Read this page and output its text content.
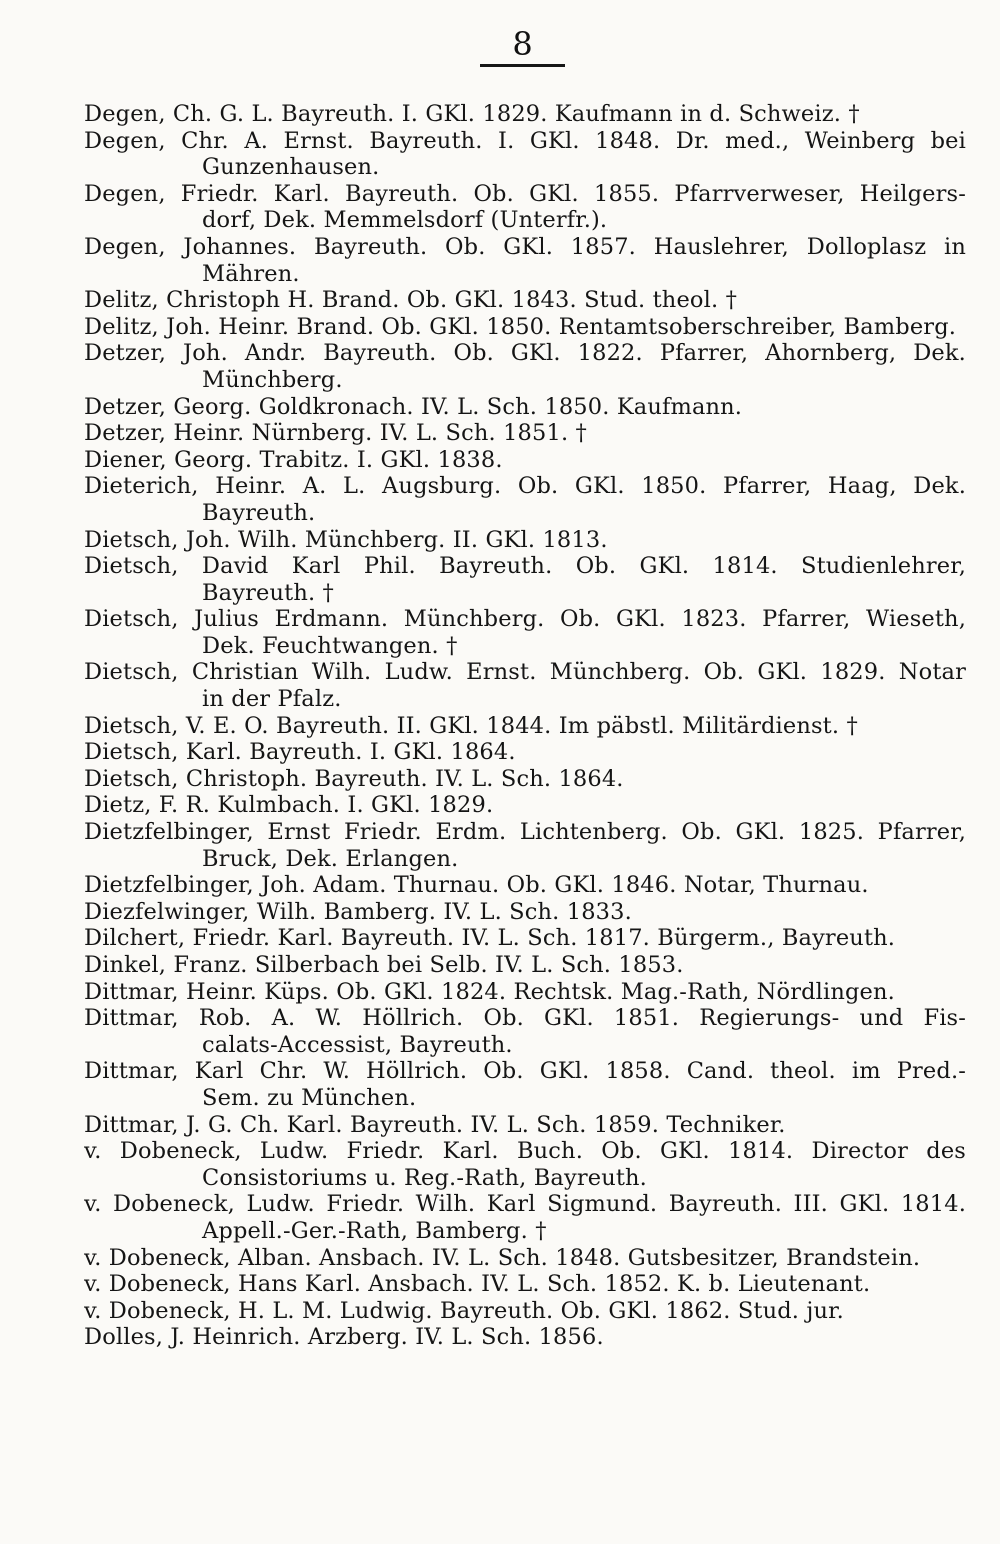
8
Degen, Ch. G. L. Bayreuth. I. GKl. 1829. Kaufmann in d. Schweiz. †
Degen, Chr. A. Ernst. Bayreuth. I. GKl. 1848. Dr. med., Weinberg bei
Gunzenhausen.
Degen, Friedr. Karl. Bayreuth. Ob. GKl. 1855. Pfarrverweser, Heilgers-
dorf, Dek. Memmelsdorf (Unterfr.).
Degen, Johannes. Bayreuth. Ob. GKl. 1857. Hauslehrer, Dolloplasz in
Mähren.
Delitz, Christoph H. Brand. Ob. GKl. 1843. Stud. theol. †
Delitz, Joh. Heinr. Brand. Ob. GKl. 1850. Rentamtsoberschreiber, Bamberg.
Detzer, Joh. Andr. Bayreuth. Ob. GKl. 1822. Pfarrer, Ahornberg, Dek.
Münchberg.
Detzer, Georg. Goldkronach. IV. L. Sch. 1850. Kaufmann.
Detzer, Heinr. Nürnberg. IV. L. Sch. 1851. †
Diener, Georg. Trabitz. I. GKl. 1838.
Dieterich, Heinr. A. L. Augsburg. Ob. GKl. 1850. Pfarrer, Haag, Dek.
Bayreuth.
Dietsch, Joh. Wilh. Münchberg. II. GKl. 1813.
Dietsch, David Karl Phil. Bayreuth. Ob. GKl. 1814. Studienlehrer,
Bayreuth. †
Dietsch, Julius Erdmann. Münchberg. Ob. GKl. 1823. Pfarrer, Wieseth,
Dek. Feuchtwangen. †
Dietsch, Christian Wilh. Ludw. Ernst. Münchberg. Ob. GKl. 1829. Notar
in der Pfalz.
Dietsch, V. E. O. Bayreuth. II. GKl. 1844. Im päbstl. Militärdienst. †
Dietsch, Karl. Bayreuth. I. GKl. 1864.
Dietsch, Christoph. Bayreuth. IV. L. Sch. 1864.
Dietz, F. R. Kulmbach. I. GKl. 1829.
Dietzfelbinger, Ernst Friedr. Erdm. Lichtenberg. Ob. GKl. 1825. Pfarrer,
Bruck, Dek. Erlangen.
Dietzfelbinger, Joh. Adam. Thurnau. Ob. GKl. 1846. Notar, Thurnau.
Diezfelwinger, Wilh. Bamberg. IV. L. Sch. 1833.
Dilchert, Friedr. Karl. Bayreuth. IV. L. Sch. 1817. Bürgerm., Bayreuth.
Dinkel, Franz. Silberbach bei Selb. IV. L. Sch. 1853.
Dittmar, Heinr. Küps. Ob. GKl. 1824. Rechtsk. Mag.-Rath, Nördlingen.
Dittmar, Rob. A. W. Höllrich. Ob. GKl. 1851. Regierungs- und Fis-
calats-Accessist, Bayreuth.
Dittmar, Karl Chr. W. Höllrich. Ob. GKl. 1858. Cand. theol. im Pred.-
Sem. zu München.
Dittmar, J. G. Ch. Karl. Bayreuth. IV. L. Sch. 1859. Techniker.
v. Dobeneck, Ludw. Friedr. Karl. Buch. Ob. GKl. 1814. Director des
Consistoriums u. Reg.-Rath, Bayreuth.
v. Dobeneck, Ludw. Friedr. Wilh. Karl Sigmund. Bayreuth. III. GKl. 1814.
Appell.-Ger.-Rath, Bamberg. †
v. Dobeneck, Alban. Ansbach. IV. L. Sch. 1848. Gutsbesitzer, Brandstein.
v. Dobeneck, Hans Karl. Ansbach. IV. L. Sch. 1852. K. b. Lieutenant.
v. Dobeneck, H. L. M. Ludwig. Bayreuth. Ob. GKl. 1862. Stud. jur.
Dolles, J. Heinrich. Arzberg. IV. L. Sch. 1856.
